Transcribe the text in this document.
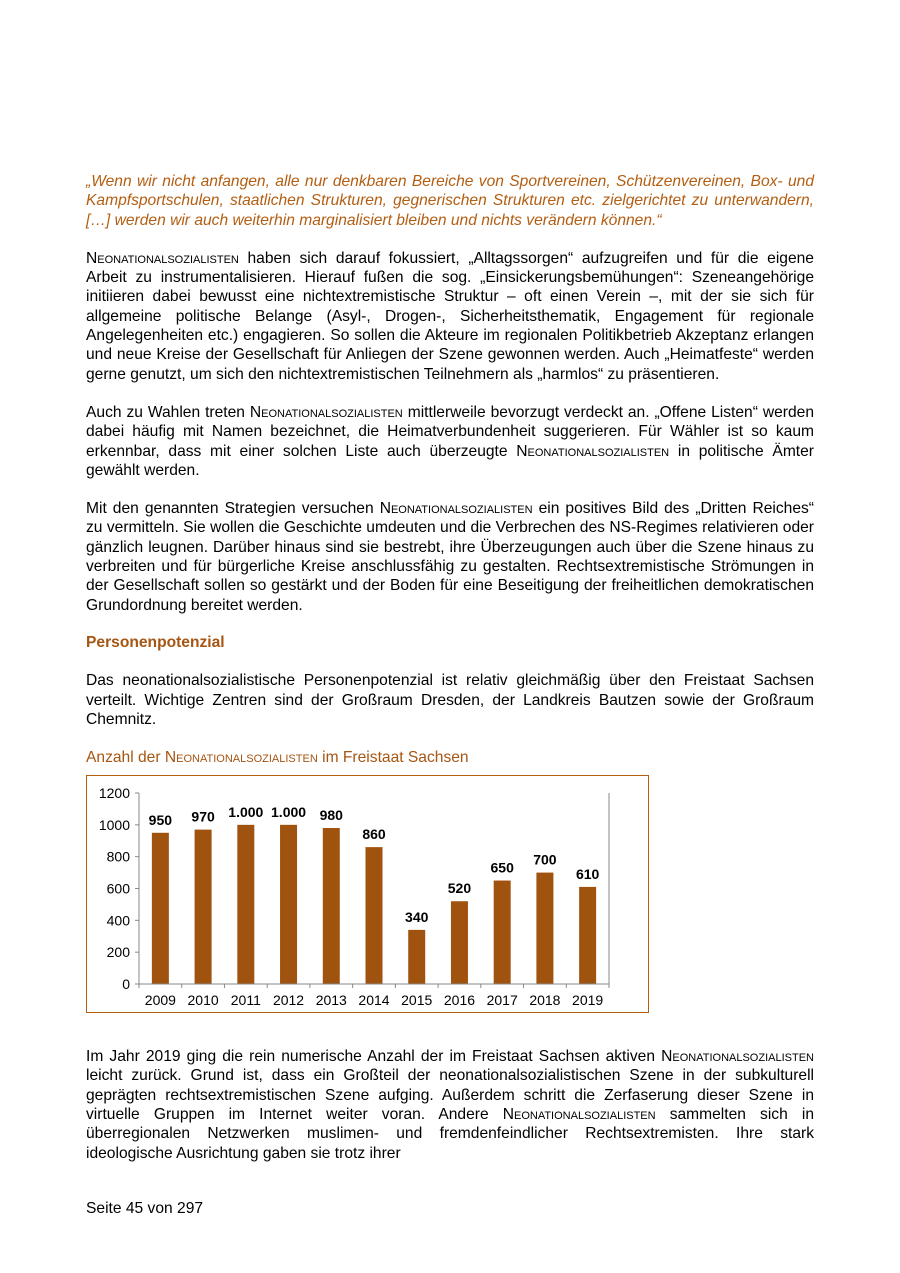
„Wenn wir nicht anfangen, alle nur denkbaren Bereiche von Sportvereinen, Schützenvereinen, Box- und Kampfsportschulen, staatlichen Strukturen, gegnerischen Strukturen etc. zielgerichtet zu unterwandern, […] werden wir auch weiterhin marginalisiert bleiben und nichts verändern können.“

Neonationalsozialisten haben sich darauf fokussiert, „Alltagssorgen“ aufzugreifen und für die eigene Arbeit zu instrumentalisieren. Hierauf fußen die sog. „Einsickerungsbemühungen“: Szeneangehörige initiieren dabei bewusst eine nichtextremistische Struktur – oft einen Verein –, mit der sie sich für allgemeine politische Belange (Asyl-, Drogen-, Sicherheitsthematik, Engagement für regionale Angelegenheiten etc.) engagieren. So sollen die Akteure im regionalen Politikbetrieb Akzeptanz erlangen und neue Kreise der Gesellschaft für Anliegen der Szene gewonnen werden. Auch „Heimatfeste“ werden gerne genutzt, um sich den nichtextremistischen Teilnehmern als „harmlos“ zu präsentieren.

Auch zu Wahlen treten Neonationalsozialisten mittlerweile bevorzugt verdeckt an. „Offene Listen“ werden dabei häufig mit Namen bezeichnet, die Heimatverbundenheit suggerieren. Für Wähler ist so kaum erkennbar, dass mit einer solchen Liste auch überzeugte Neonationalsozialisten in politische Ämter gewählt werden.

Mit den genannten Strategien versuchen Neonationalsozialisten ein positives Bild des „Dritten Reiches“ zu vermitteln. Sie wollen die Geschichte umdeuten und die Verbrechen des NS-Regimes relativieren oder gänzlich leugnen. Darüber hinaus sind sie bestrebt, ihre Überzeugungen auch über die Szene hinaus zu verbreiten und für bürgerliche Kreise anschlussfähig zu gestalten. Rechtsextremistische Strömungen in der Gesellschaft sollen so gestärkt und der Boden für eine Beseitigung der freiheitlichen demokratischen Grundordnung bereitet werden.

Personenpotenzial

Das neonationalsozialistische Personenpotenzial ist relativ gleichmäßig über den Freistaat Sachsen verteilt. Wichtige Zentren sind der Großraum Dresden, der Landkreis Bautzen sowie der Großraum Chemnitz.

Anzahl der Neonationalsozialisten im Freistaat Sachsen
0
200
400
600
800
1000
1200
950
2009
970
2010
1.000
2011
1.000
2012
980
2013
860
2014
340
2015
520
2016
650
2017
700
2018
610
2019

Im Jahr 2019 ging die rein numerische Anzahl der im Freistaat Sachsen aktiven Neonationalsozialisten leicht zurück. Grund ist, dass ein Großteil der neonationalsozialistischen Szene in der subkulturell geprägten rechtsextremistischen Szene aufging. Außerdem schritt die Zerfaserung dieser Szene in virtuelle Gruppen im Internet weiter voran. Andere Neonationalsozialisten sammelten sich in überregionalen Netzwerken muslimen- und fremdenfeindlicher Rechtsextremisten. Ihre stark ideologische Ausrichtung gaben sie trotz ihrer

Seite 45 von 297
